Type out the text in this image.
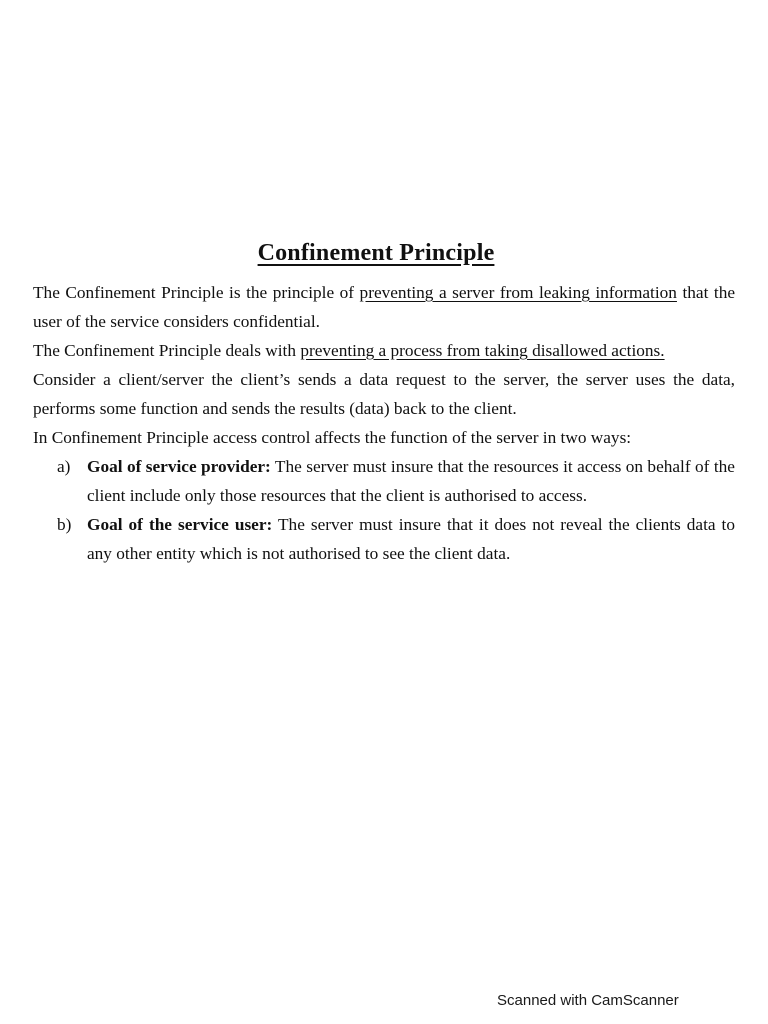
Confinement Principle

The Confinement Principle is the principle of preventing a server from leaking information that the user of the service considers confidential.

The Confinement Principle deals with preventing a process from taking disallowed actions.

Consider a client/server the client’s sends a data request to the server, the server uses the data, performs some function and sends the results (data) back to the client.

In Confinement Principle access control affects the function of the server in two ways:

a) Goal of service provider: The server must insure that the resources it access on behalf of the client include only those resources that the client is authorised to access.
b) Goal of the service user: The server must insure that it does not reveal the clients data to any other entity which is not authorised to see the client data.
Scanned with CamScanner
